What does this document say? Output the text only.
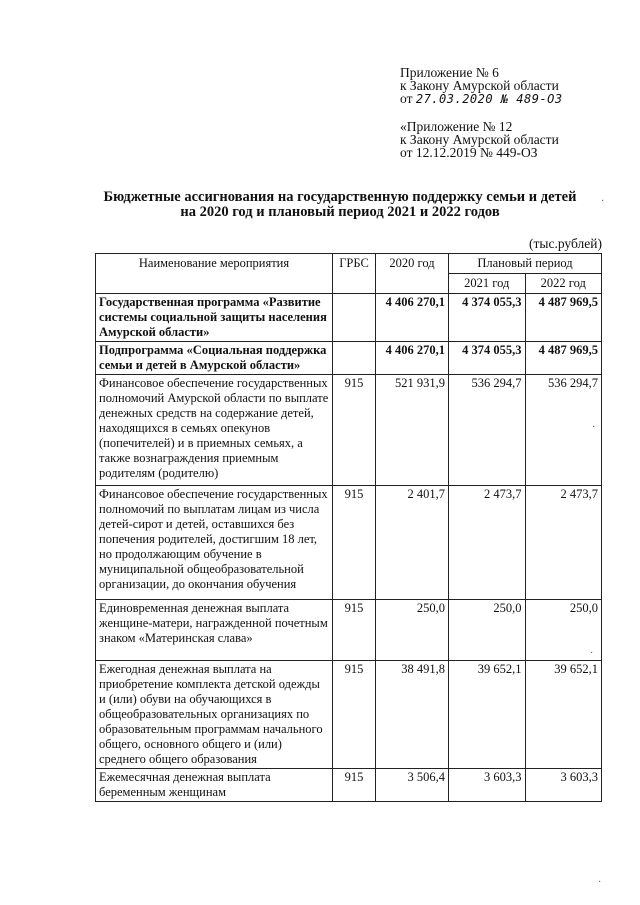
Приложение № 6
к Закону Амурской области
от 27.03.2020 № 489-ОЗ
«Приложение № 12
к Закону Амурской области
от 12.12.2019 № 449-ОЗ
Бюджетные ассигнования на государственную поддержку семьи и детей
на 2020 год и плановый период 2021 и 2022 годов
(тыс.рублей)
Наименование мероприятия	ГРБС	2020 год	Плановый период	
			2021 год	2022 год
Государственная программа «Развитие системы социальной защиты населения Амурской области»		4 406 270,1	4 374 055,3	4 487 969,5
Подпрограмма «Социальная поддержка семьи и детей в Амурской области»		4 406 270,1	4 374 055,3	4 487 969,5
Финансовое обеспечение государственных полномочий Амурской области по выплате денежных средств на содержание детей, находящихся в семьях опекунов (попечителей) и в приемных семьях, а также вознаграждения приемным родителям (родителю)	915	521 931,9	536 294,7	536 294,7
Финансовое обеспечение государственных полномочий по выплатам лицам из числа детей-сирот и детей, оставшихся без попечения родителей, достигшим 18 лет, но продолжающим обучение в муниципальной общеобразовательной организации, до окончания обучения	915	2 401,7	2 473,7	2 473,7
Единовременная денежная выплата женщине-матери, награжденной почетным знаком «Материнская слава»	915	250,0	250,0	250,0
Ежегодная денежная выплата на приобретение комплекта детской одежды и (или) обуви на обучающихся в общеобразовательных организациях по образовательным программам начального общего, основного общего и (или) среднего общего образования	915	38 491,8	39 652,1	39 652,1
Ежемесячная денежная выплата беременным женщинам	915	3 506,4	3 603,3	3 603,3
·
·
·
·
